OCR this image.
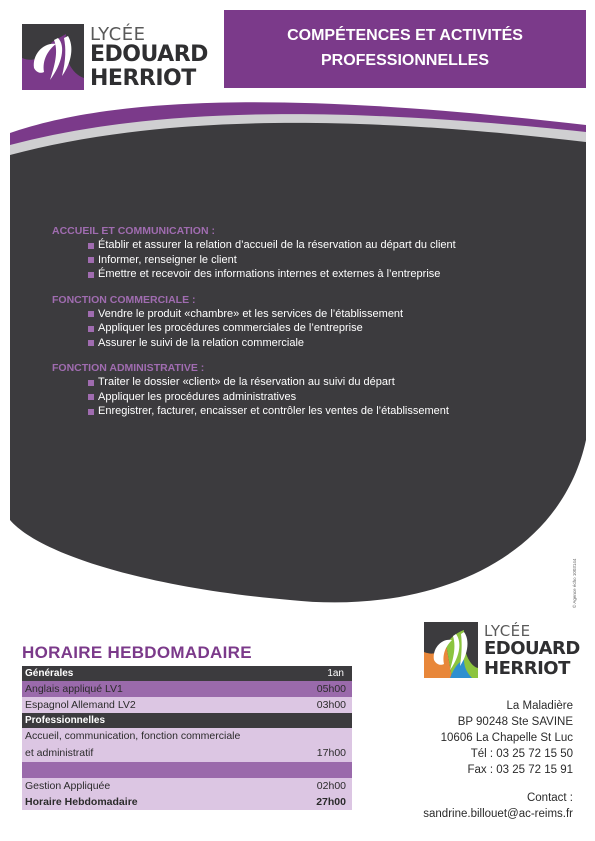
LYCÉE
EDOUARD
HERRIOT
COMPÉTENCES ET ACTIVITÉS
PROFESSIONNELLES

ACCUEIL ET COMMUNICATION :

Établir et assurer la relation d’accueil de la réservation au départ du client
Informer, renseigner le client
Émettre et recevoir des informations internes et externes à l’entreprise

FONCTION COMMERCIALE :

Vendre le produit «chambre» et les services de l’établissement
Appliquer les procédures commerciales de l’entreprise
Assurer le suivi de la relation commerciale

FONCTION ADMINISTRATIVE :

Traiter le dossier «client» de la réservation au suivi du départ
Appliquer les procédures administratives
Enregistrer, facturer, encaisser et contrôler les ventes de l’établissement
© Agence écho 1003144
HORAIRE HEBDOMADAIRE
Générales	1an
Anglais appliqué LV1	05h00
Espagnol Allemand LV2	03h00
Professionnelles
Accueil, communication, fonction commerciale
et administratif	17h00
Gestion Appliquée	02h00
Horaire Hebdomadaire	27h00
LYCÉE
EDOUARD
HERRIOT
La Maladière
BP 90248 Ste SAVINE
10606 La Chapelle St Luc
Tél : 03 25 72 15 50
Fax : 03 25 72 15 91
Contact :
sandrine.billouet@ac-reims.fr
